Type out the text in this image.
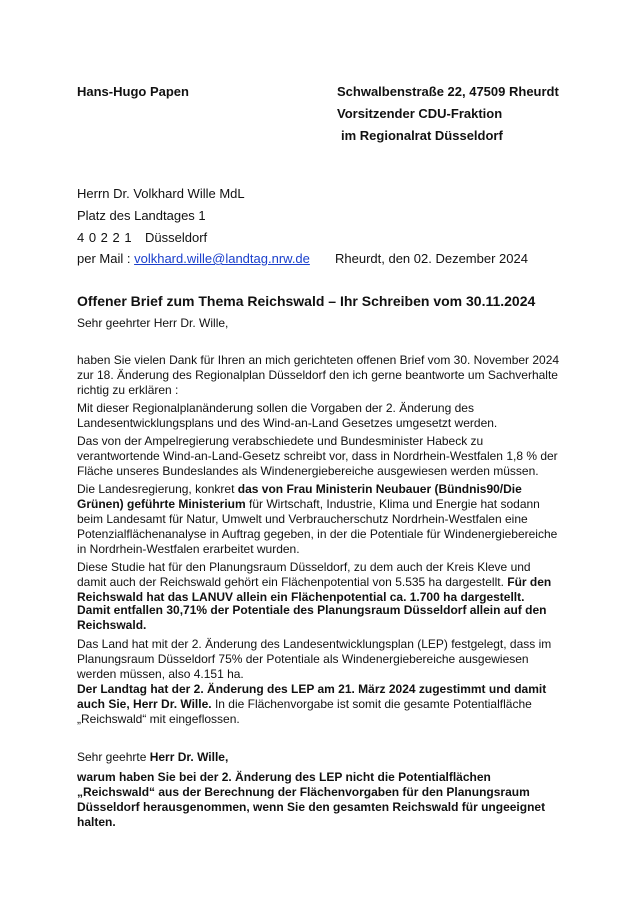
Hans-Hugo Papen	Schwalbenstraße 22, 47509 Rheurdt
Vorsitzender CDU-Fraktion
im Regionalrat Düsseldorf
Herrn Dr. Volkhard Wille MdL
Platz des Landtages 1
4 0 2 2 1 Düsseldorf
per Mail : volkhard.wille@landtag.nrw.de Rheurdt, den 02. Dezember 2024
Offener Brief zum Thema Reichswald – Ihr Schreiben vom 30.11.2024
Sehr geehrter Herr Dr. Wille,
haben Sie vielen Dank für Ihren an mich gerichteten offenen Brief vom 30. November 2024 zur 18. Änderung des Regionalplan Düsseldorf den ich gerne beantworte um Sachverhalte richtig zu erklären :
Mit dieser Regionalplanänderung sollen die Vorgaben der 2. Änderung des Landesentwicklungsplans und des Wind-an-Land Gesetzes umgesetzt werden.
Das von der Ampelregierung verabschiedete und Bundesminister Habeck zu verantwortende Wind-an-Land-Gesetz schreibt vor, dass in Nordrhein-Westfalen 1,8 % der Fläche unseres Bundeslandes als Windenergiebereiche ausgewiesen werden müssen.
Die Landesregierung, konkret das von Frau Ministerin Neubauer (Bündnis90/Die Grünen) geführte Ministerium für Wirtschaft, Industrie, Klima und Energie hat sodann beim Landesamt für Natur, Umwelt und Verbraucherschutz Nordrhein-Westfalen eine Potenzialflächenanalyse in Auftrag gegeben, in der die Potentiale für Windenergiebereiche in Nordrhein-Westfalen erarbeitet wurden.
Diese Studie hat für den Planungsraum Düsseldorf, zu dem auch der Kreis Kleve und damit auch der Reichswald gehört ein Flächenpotential von 5.535 ha dargestellt. Für den Reichswald hat das LANUV allein ein Flächenpotential ca. 1.700 ha dargestellt.
Damit entfallen 30,71% der Potentiale des Planungsraum Düsseldorf allein auf den Reichswald.
Das Land hat mit der 2. Änderung des Landesentwicklungsplan (LEP) festgelegt, dass im Planungsraum Düsseldorf 75% der Potentiale als Windenergiebereiche ausgewiesen werden müssen, also 4.151 ha.
Der Landtag hat der 2. Änderung des LEP am 21. März 2024 zugestimmt und damit auch Sie, Herr Dr. Wille. In die Flächenvorgabe ist somit die gesamte Potentialfläche „Reichswald“ mit eingeflossen.
Sehr geehrte Herr Dr. Wille,
warum haben Sie bei der 2. Änderung des LEP nicht die Potentialflächen „Reichswald“ aus der Berechnung der Flächenvorgaben für den Planungsraum Düsseldorf herausgenommen, wenn Sie den gesamten Reichswald für ungeeignet halten.
